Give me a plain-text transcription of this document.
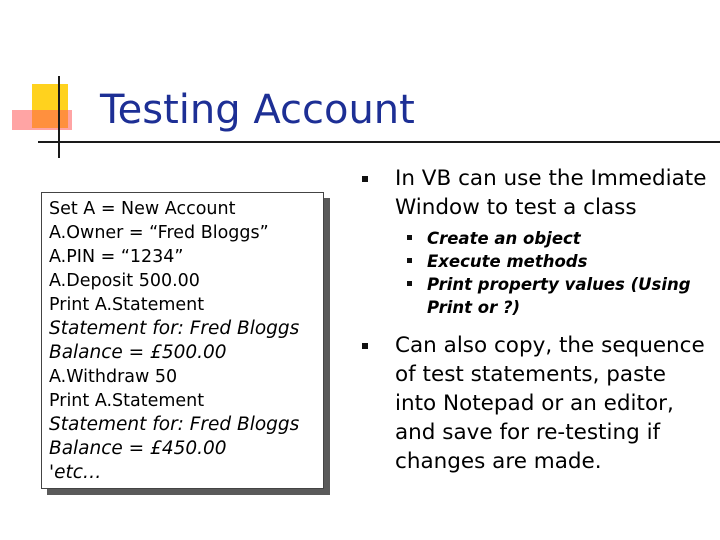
Testing Account
Set A = New Account
A.Owner = “Fred Bloggs”
A.PIN = “1234”
A.Deposit 500.00
Print A.Statement
Statement for: Fred Bloggs
Balance = £500.00
A.Withdraw 50
Print A.Statement
Statement for: Fred Bloggs
Balance = £450.00
'etc…
In VB can use the Immediate Window to test a class
Create an object
Execute methods
Print property values (Using Print or ?)
Can also copy, the sequence of test statements, paste into Notepad or an editor, and save for re-testing if changes are made.
